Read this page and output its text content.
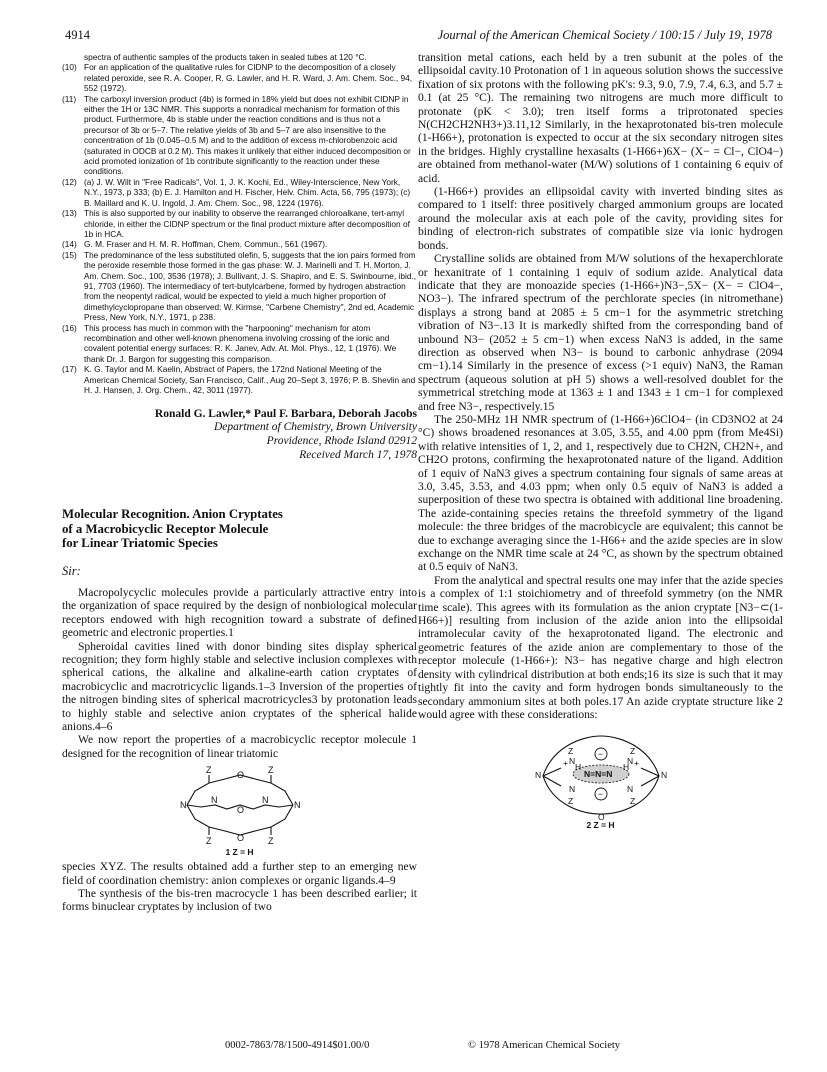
4914	Journal of the American Chemical Society / 100:15 / July 19, 1978

spectra of authentic samples of the products taken in sealed tubes at 120 °C.

(10) For an application of the qualitative rules for CIDNP to the decomposition of a closely related peroxide, see R. A. Cooper, R. G. Lawler, and H. R. Ward, J. Am. Chem. Soc., 94, 552 (1972).

(11) The carboxyl inversion product (4b) is formed in 18% yield but does not exhibit CIDNP in either the 1H or 13C NMR. This supports a nonradical mechanism for formation of this product. Furthermore, 4b is stable under the reaction conditions and is thus not a precursor of 3b or 5–7. The relative yields of 3b and 5–7 are also insensitive to the concentration of 1b (0.045–0.5 M) and to the addition of excess m-chlorobenzoic acid (saturated in ODCB at 0.2 M). This makes it unlikely that either induced decomposition or acid promoted ionization of 1b contribute significantly to the reaction under these conditions.

(12) (a) J. W. Wilt in "Free Radicals", Vol. 1, J. K. Kochi, Ed., Wiley-Interscience, New York, N.Y., 1973, p 333; (b) E. J. Hamilton and H. Fischer, Helv. Chim. Acta, 56, 795 (1973); (c) B. Maillard and K. U. Ingold, J. Am. Chem. Soc., 98, 1224 (1976).

(13) This is also supported by our inability to observe the rearranged chloroalkane, tert-amyl chloride, in either the CIDNP spectrum or the final product mixture after decomposition of 1b in HCA.

(14) G. M. Fraser and H. M. R. Hoffman, Chem. Commun., 561 (1967).

(15) The predominance of the less substituted olefin, 5, suggests that the ion pairs formed from the peroxide resemble those formed in the gas phase: W. J. Marinelli and T. H. Morton, J. Am. Chem. Soc., 100, 3536 (1978); J. Bullivant, J. S. Shapiro, and E. S. Swinbourne, ibid., 91, 7703 (1960). The intermediacy of tert-butylcarbene, formed by hydrogen abstraction from the neopentyl radical, would be expected to yield a much higher proportion of dimethylcyclopropane than observed: W. Kirmse, "Carbene Chemistry", 2nd ed, Academic Press, New York, N.Y., 1971, p 238.

(16) This process has much in common with the "harpooning" mechanism for atom recombination and other well-known phenomena involving crossing of the ionic and covalent potential energy surfaces: R. K. Janev, Adv. At. Mol. Phys., 12, 1 (1976). We thank Dr. J. Bargon for suggesting this comparison.

(17) K. G. Taylor and M. Kaelin, Abstract of Papers, the 172nd National Meeting of the American Chemical Society, San Francisco, Calif., Aug 20–Sept 3, 1976; P. B. Shevlin and H. J. Hansen, J. Org. Chem., 42, 3011 (1977).

Ronald G. Lawler,* Paul F. Barbara, Deborah Jacobs
Department of Chemistry, Brown University
Providence, Rhode Island 02912
Received March 17, 1978
Molecular Recognition. Anion Cryptates
of a Macrobicyclic Receptor Molecule
for Linear Triatomic Species
Sir:

Macropolycyclic molecules provide a particularly attractive entry into the organization of space required by the design of nonbiological molecular receptors endowed with high recognition toward a substrate of defined geometric and electronic properties.1

Spheroidal cavities lined with donor binding sites display spherical recognition; they form highly stable and selective inclusion complexes with spherical cations, the alkaline and alkaline-earth cation cryptates of macrobicyclic and macrotricyclic ligands.1–3 Inversion of the properties of the nitrogen binding sites of spherical macrotricycles3 by protonation leads to highly stable and selective anion cryptates of the spherical halide anions.4–6

We now report the properties of a macrobicyclic receptor molecule 1 designed for the recognition of linear triatomic

Z	Z
O
N	N
N	N
O
O
Z	Z
1 Z = H

species XYZ. The results obtained add a further step to an emerging new field of coordination chemistry: anion complexes or organic ligands.4–9

The synthesis of the bis-tren macrocycle 1 has been described earlier; it forms binuclear cryptates by inclusion of two

transition metal cations, each held by a tren subunit at the poles of the ellipsoidal cavity.10 Protonation of 1 in aqueous solution shows the successive fixation of six protons with the following pK's: 9.3, 9.0, 7.9, 7.4, 6.3, and 5.7 ± 0.1 (at 25 °C). The remaining two nitrogens are much more difficult to protonate (pK < 3.0); tren itself forms a triprotonated species N(CH2CH2NH3+)3.11,12 Similarly, in the hexaprotonated bis-tren molecule (1-H66+), protonation is expected to occur at the six secondary nitrogen sites in the bridges. Highly crystalline hexasalts (1-H66+)6X− (X− = Cl−, ClO4−) are obtained from methanol-water (M/W) solutions of 1 containing 6 equiv of acid.

(1-H66+) provides an ellipsoidal cavity with inverted binding sites as compared to 1 itself: three positively charged ammonium groups are located around the molecular axis at each pole of the cavity, providing sites for binding of electron-rich substrates of compatible size via ionic hydrogen bonds.

Crystalline solids are obtained from M/W solutions of the hexaperchlorate or hexanitrate of 1 containing 1 equiv of sodium azide. Analytical data indicate that they are monoazide species (1-H66+)N3−,5X− (X− = ClO4−, NO3−). The infrared spectrum of the perchlorate species (in nitromethane) displays a strong band at 2085 ± 5 cm−1 for the asymmetric stretching vibration of N3−.13 It is markedly shifted from the corresponding band of unbound N3− (2052 ± 5 cm−1) when excess NaN3 is added, in the same direction as observed when N3− is bound to carbonic anhydrase (2094 cm−1).14 Similarly in the presence of excess (>1 equiv) NaN3, the Raman spectrum (aqueous solution at pH 5) shows a well-resolved doublet for the symmetrical stretching mode at 1363 ± 1 and 1343 ± 1 cm−1 for complexed and free N3−, respectively.15

The 250-MHz 1H NMR spectrum of (1-H66+)6ClO4− (in CD3NO2 at 24 °C) shows broadened resonances at 3.05, 3.55, and 4.00 ppm (from Me4Si) with relative intensities of 1, 2, and 1, respectively due to CH2N, CH2N+, and CH2O protons, confirming the hexaprotonated nature of the ligand. Addition of 1 equiv of NaN3 gives a spectrum containing four signals of same areas at 3.0, 3.45, 3.53, and 4.03 ppm; when only 0.5 equiv of NaN3 is added a superposition of these two spectra is obtained with additional line broadening. The azide-containing species retains the threefold symmetry of the ligand molecule: the three bridges of the macrobicycle are equivalent; this cannot be due to exchange averaging since the 1-H66+ and the azide species are in slow exchange on the NMR time scale at 24 °C, as shown by the spectrum obtained at 0.5 equiv of NaN3.

From the analytical and spectral results one may infer that the azide species is a complex of 1:1 stoichiometry and of threefold symmetry (on the NMR time scale). This agrees with its formulation as the anion cryptate [N3−⊂(1-H66+)] resulting from inclusion of the azide anion into the ellipsoidal intramolecular cavity of the hexaprotonated ligand. The electronic and geometric features of the azide anion are complementary to those of the receptor molecule (1-H66+): N3− has negative charge and high electron density with cylindrical distribution at both ends;16 its size is such that it may tightly fit into the cavity and form hydrogen bonds simultaneously to the secondary ammonium sites at both poles.17 An azide cryptate structure like 2 would agree with these considerations:

N=N=N
−
−
Z	Z
N	N
+	+
N	N
H	H
N	N
Z	Z
O
2 Z = H
0002-7863/78/1500-4914$01.00/0	© 1978 American Chemical Society
